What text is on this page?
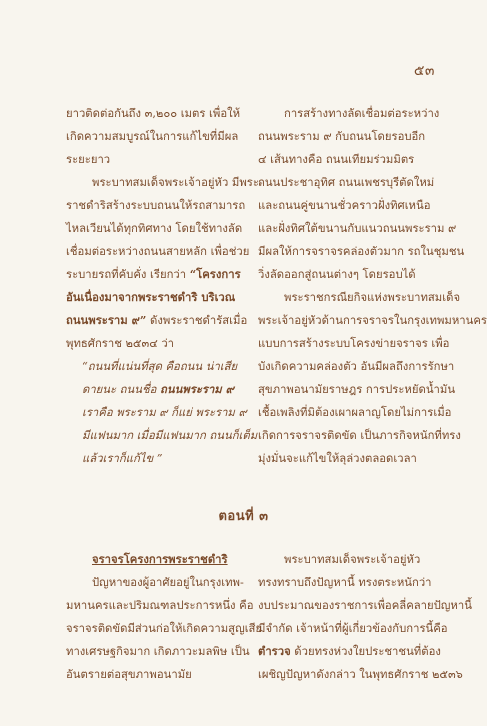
๕๓
ยาวติดต่อกันถึง ๓,๒๐๐ เมตร เพื่อให้
เกิดความสมบูรณ์ในการแก้ไขที่มีผล
ระยะยาว
พระบาทสมเด็จพระเจ้าอยู่หัว มีพระ-
ราชดำริสร้างระบบถนนให้รถสามารถ
ไหลเวียนได้ทุกทิศทาง โดยใช้ทางลัด
เชื่อมต่อระหว่างถนนสายหลัก เพื่อช่วย
ระบายรถที่คับคั่ง เรียกว่า “โครงการ
อันเนื่องมาจากพระราชดำริ บริเวณ
ถนนพระราม ๙” ดังพระราชดำรัสเมื่อ
พุทธศักราช ๒๕๓๔ ว่า
“ถนนที่แน่นที่สุด คือถนน น่าเสีย
ดายนะ ถนนชื่อ ถนนพระราม ๙
เราคือ พระราม ๙ ก็แย่ พระราม ๙
มีแฟนมาก เมื่อมีแฟนมาก ถนนก็เต็ม
แล้วเราก็แก้ไข ”
การสร้างทางลัดเชื่อมต่อระหว่าง
ถนนพระราม ๙ กับถนนโดยรอบอีก
๔ เส้นทางคือ ถนนเทียมร่วมมิตร
ถนนประชาอุทิศ ถนนเพชรบุรีตัดใหม่
และถนนคู่ขนานชั่วคราวฝั่งทิศเหนือ
และฝั่งทิศใต้ขนานกับแนวถนนพระราม ๙
มีผลให้การจราจรคล่องตัวมาก รถในชุมชน
วิ่งลัดออกสู่ถนนต่างๆ โดยรอบได้
พระราชกรณียกิจแห่งพระบาทสมเด็จ
พระเจ้าอยู่หัวด้านการจราจรในกรุงเทพมหานคร
แบบการสร้างระบบโครงข่ายจราจร เพื่อ
บังเกิดความคล่องตัว อันมีผลถึงการรักษา
สุขภาพอนามัยราษฎร การประหยัดน้ำมัน
เชื้อเพลิงที่มิต้องเผาผลาญโดยไม่การเมื่อ
เกิดการจราจรติดขัด เป็นภารกิจหนักที่ทรง
มุ่งมั่นจะแก้ไขให้ลุล่วงตลอดเวลา
ตอนที่ ๓
จราจรโครงการพระราชดำริ
ปัญหาของผู้อาศัยอยู่ในกรุงเทพ-
มหานครและปริมณฑลประการหนึ่ง คือ
จราจรติดขัดมีส่วนก่อให้เกิดความสูญเสีย
ทางเศรษฐกิจมาก เกิดภาวะมลพิษ เป็น
อันตรายต่อสุขภาพอนามัย
พระบาทสมเด็จพระเจ้าอยู่หัว
ทรงทราบถึงปัญหานี้ ทรงตระหนักว่า
งบประมาณของราชการเพื่อคลี่คลายปัญหานี้
มีจำกัด เจ้าหน้าที่ผู้เกี่ยวข้องกับการนี้คือ
ตำรวจ ด้วยทรงห่วงใยประชาชนที่ต้อง
เผชิญปัญหาดังกล่าว ในพุทธศักราช ๒๕๓๖
